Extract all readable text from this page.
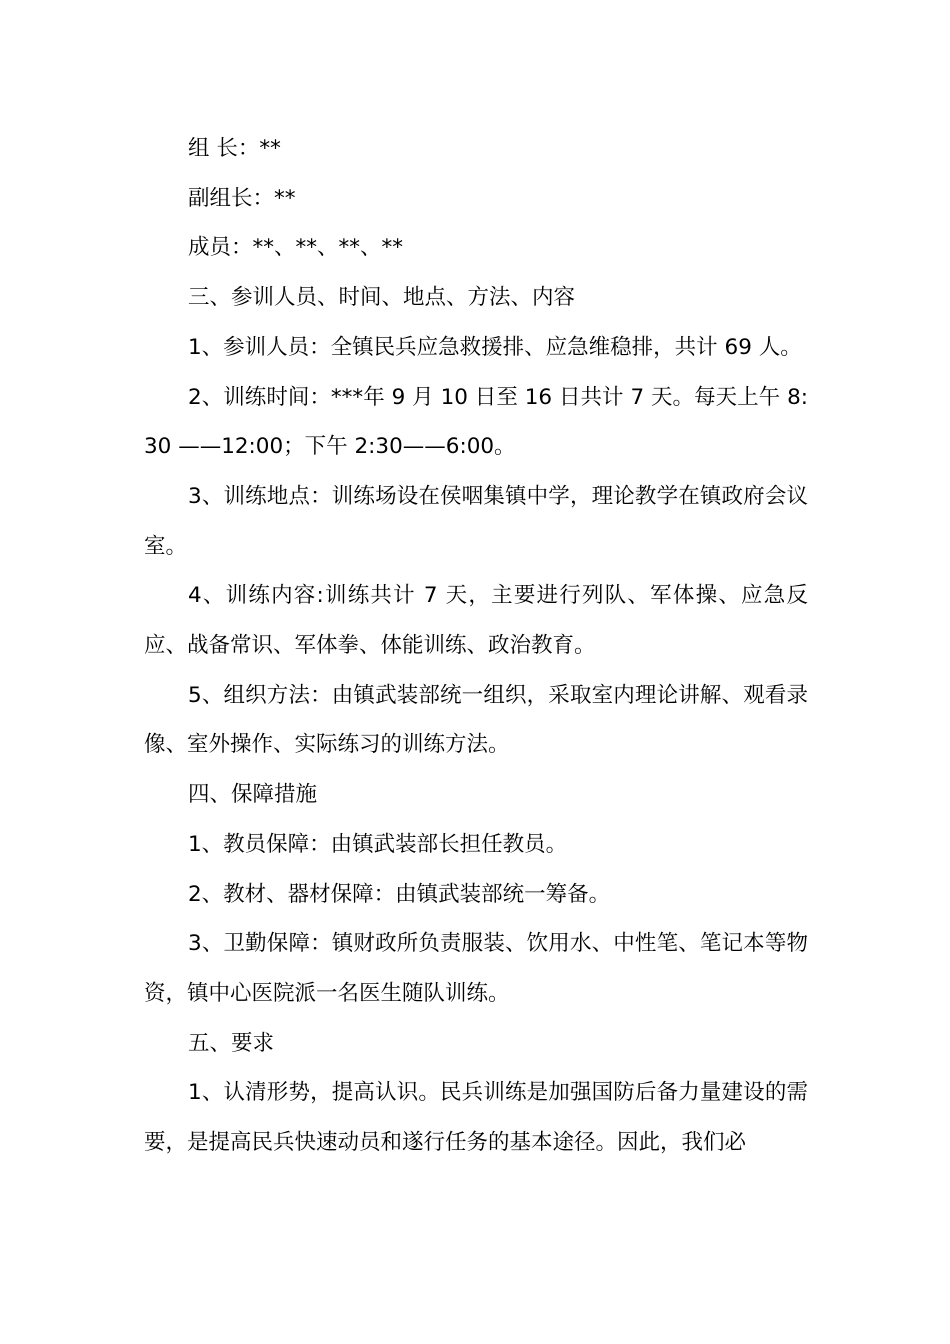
组 长：**

副组长：**

成员：**、**、**、**

三、参训人员、时间、地点、方法、内容

1、参训人员：全镇民兵应急救援排、应急维稳排，共计 69 人。

2、训练时间：***年 9 月 10 日至 16 日共计 7 天。每天上午 8:30 ——12:00；下午 2:30——6:00。

3、训练地点：训练场设在侯咽集镇中学，理论教学在镇政府会议室。

4、训练内容:训练共计 7 天，主要进行列队、军体操、应急反应、战备常识、军体拳、体能训练、政治教育。

5、组织方法：由镇武装部统一组织，采取室内理论讲解、观看录像、室外操作、实际练习的训练方法。

四、保障措施

1、教员保障：由镇武装部长担任教员。

2、教材、器材保障：由镇武装部统一筹备。

3、卫勤保障：镇财政所负责服装、饮用水、中性笔、笔记本等物资，镇中心医院派一名医生随队训练。

五、要求

1、认清形势，提高认识。民兵训练是加强国防后备力量建设的需要，是提高民兵快速动员和遂行任务的基本途径。因此，我们必
